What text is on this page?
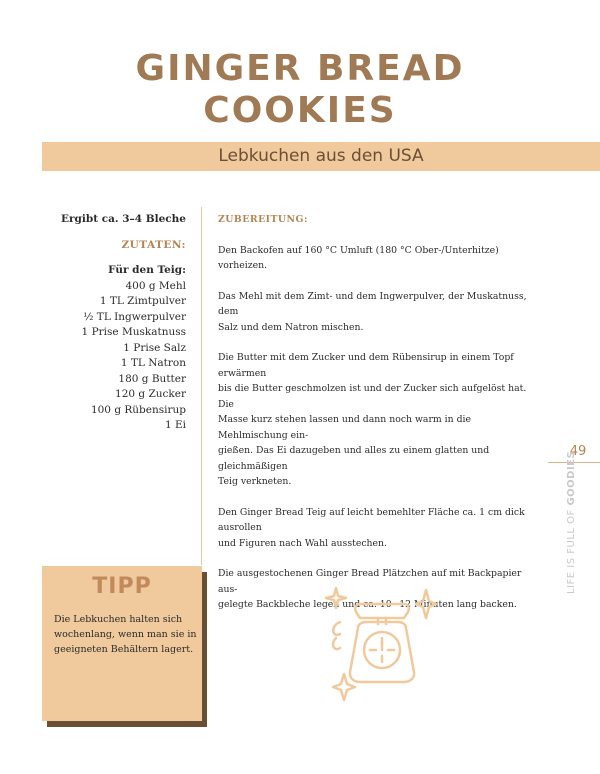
GINGER BREAD
COOKIES
Lebkuchen aus den USA
Ergibt ca. 3–4 Bleche
ZUTATEN:
Für den Teig:
400 g Mehl
1 TL Zimtpulver
½ TL Ingwerpulver
1 Prise Muskatnuss
1 Prise Salz
1 TL Natron
180 g Butter
120 g Zucker
100 g Rübensirup
1 Ei
ZUBEREITUNG:

Den Backofen auf 160 °C Umluft (180 °C Ober-/Unterhitze) vorheizen.

Das Mehl mit dem Zimt- und dem Ingwerpulver, der Muskatnuss, dem

Salz und dem Natron mischen.

Die Butter mit dem Zucker und dem Rübensirup in einem Topf erwärmen

bis die Butter geschmolzen ist und der Zucker sich aufgelöst hat. Die

Masse kurz stehen lassen und dann noch warm in die Mehlmischung ein-

gießen. Das Ei dazugeben und alles zu einem glatten und gleichmäßigen

Teig verkneten.

Den Ginger Bread Teig auf leicht bemehlter Fläche ca. 1 cm dick ausrollen

und Figuren nach Wahl ausstechen.

Die ausgestochenen Ginger Bread Plätzchen auf mit Backpapier aus-

gelegte Backbleche legen und ca. 10 –12 Minuten lang backen.

49
LIFE IS FULL OF GOODIES
TIPP
Die Lebkuchen halten sich
wochenlang, wenn man sie in
geeigneten Behältern lagert.
